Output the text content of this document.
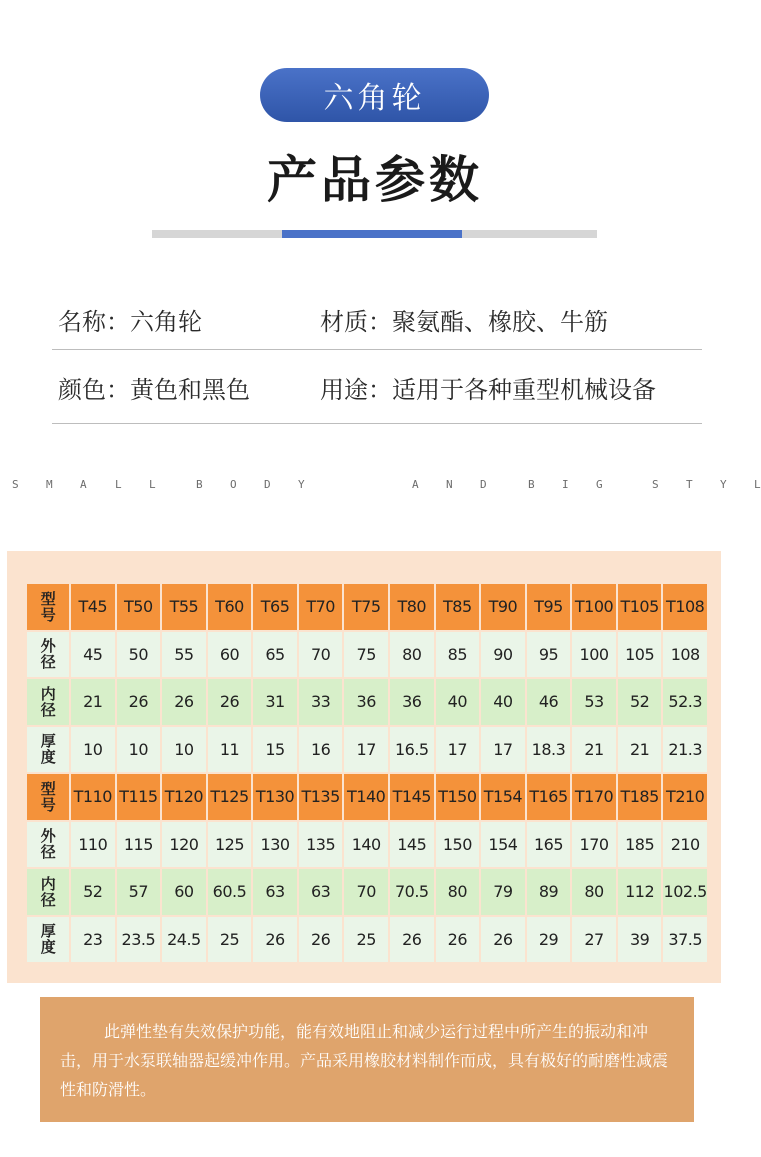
六角轮
产品参数
名称：六角轮	材质：聚氨酯、橡胶、牛筋
颜色：黄色和黑色	用途：适用于各种重型机械设备
S M A	L L	B O D Y	A N D	B I G	S T Y L
型号	T45	T50	T55	T60	T65	T70	T75	T80	T85	T90	T95 T100 T105 T108
外径	45	50	55	60	65	70	75	80	85	90	95	100	105	108
内径	21	26	26	26	31	33	36	36	40	40	46	53	52	52.3
厚度	10	10	10	11	15	16	17	16.5	17	17	18.3	21	21	21.3
型号 T110 T115 T120 T125 T130 T135 T140 T145 T150 T154 T165 T170 T185 T210
外径	110	115	120	125	130	135	140	145	150	154	165	170	185	210
内径	52	57	60	60.5	63	63	70	70.5	80	79	89	80	112 102.5
厚度	23	23.5 24.5	25	26	26	25	26	26	26	29	27	39	37.5
此弹性垫有失效保护功能，能有效地阻止和减少运行过程中所产生的振动和冲击，用于水泵联轴器起缓冲作用。产品采用橡胶材料制作而成，具有极好的耐磨性减震性和防滑性。
